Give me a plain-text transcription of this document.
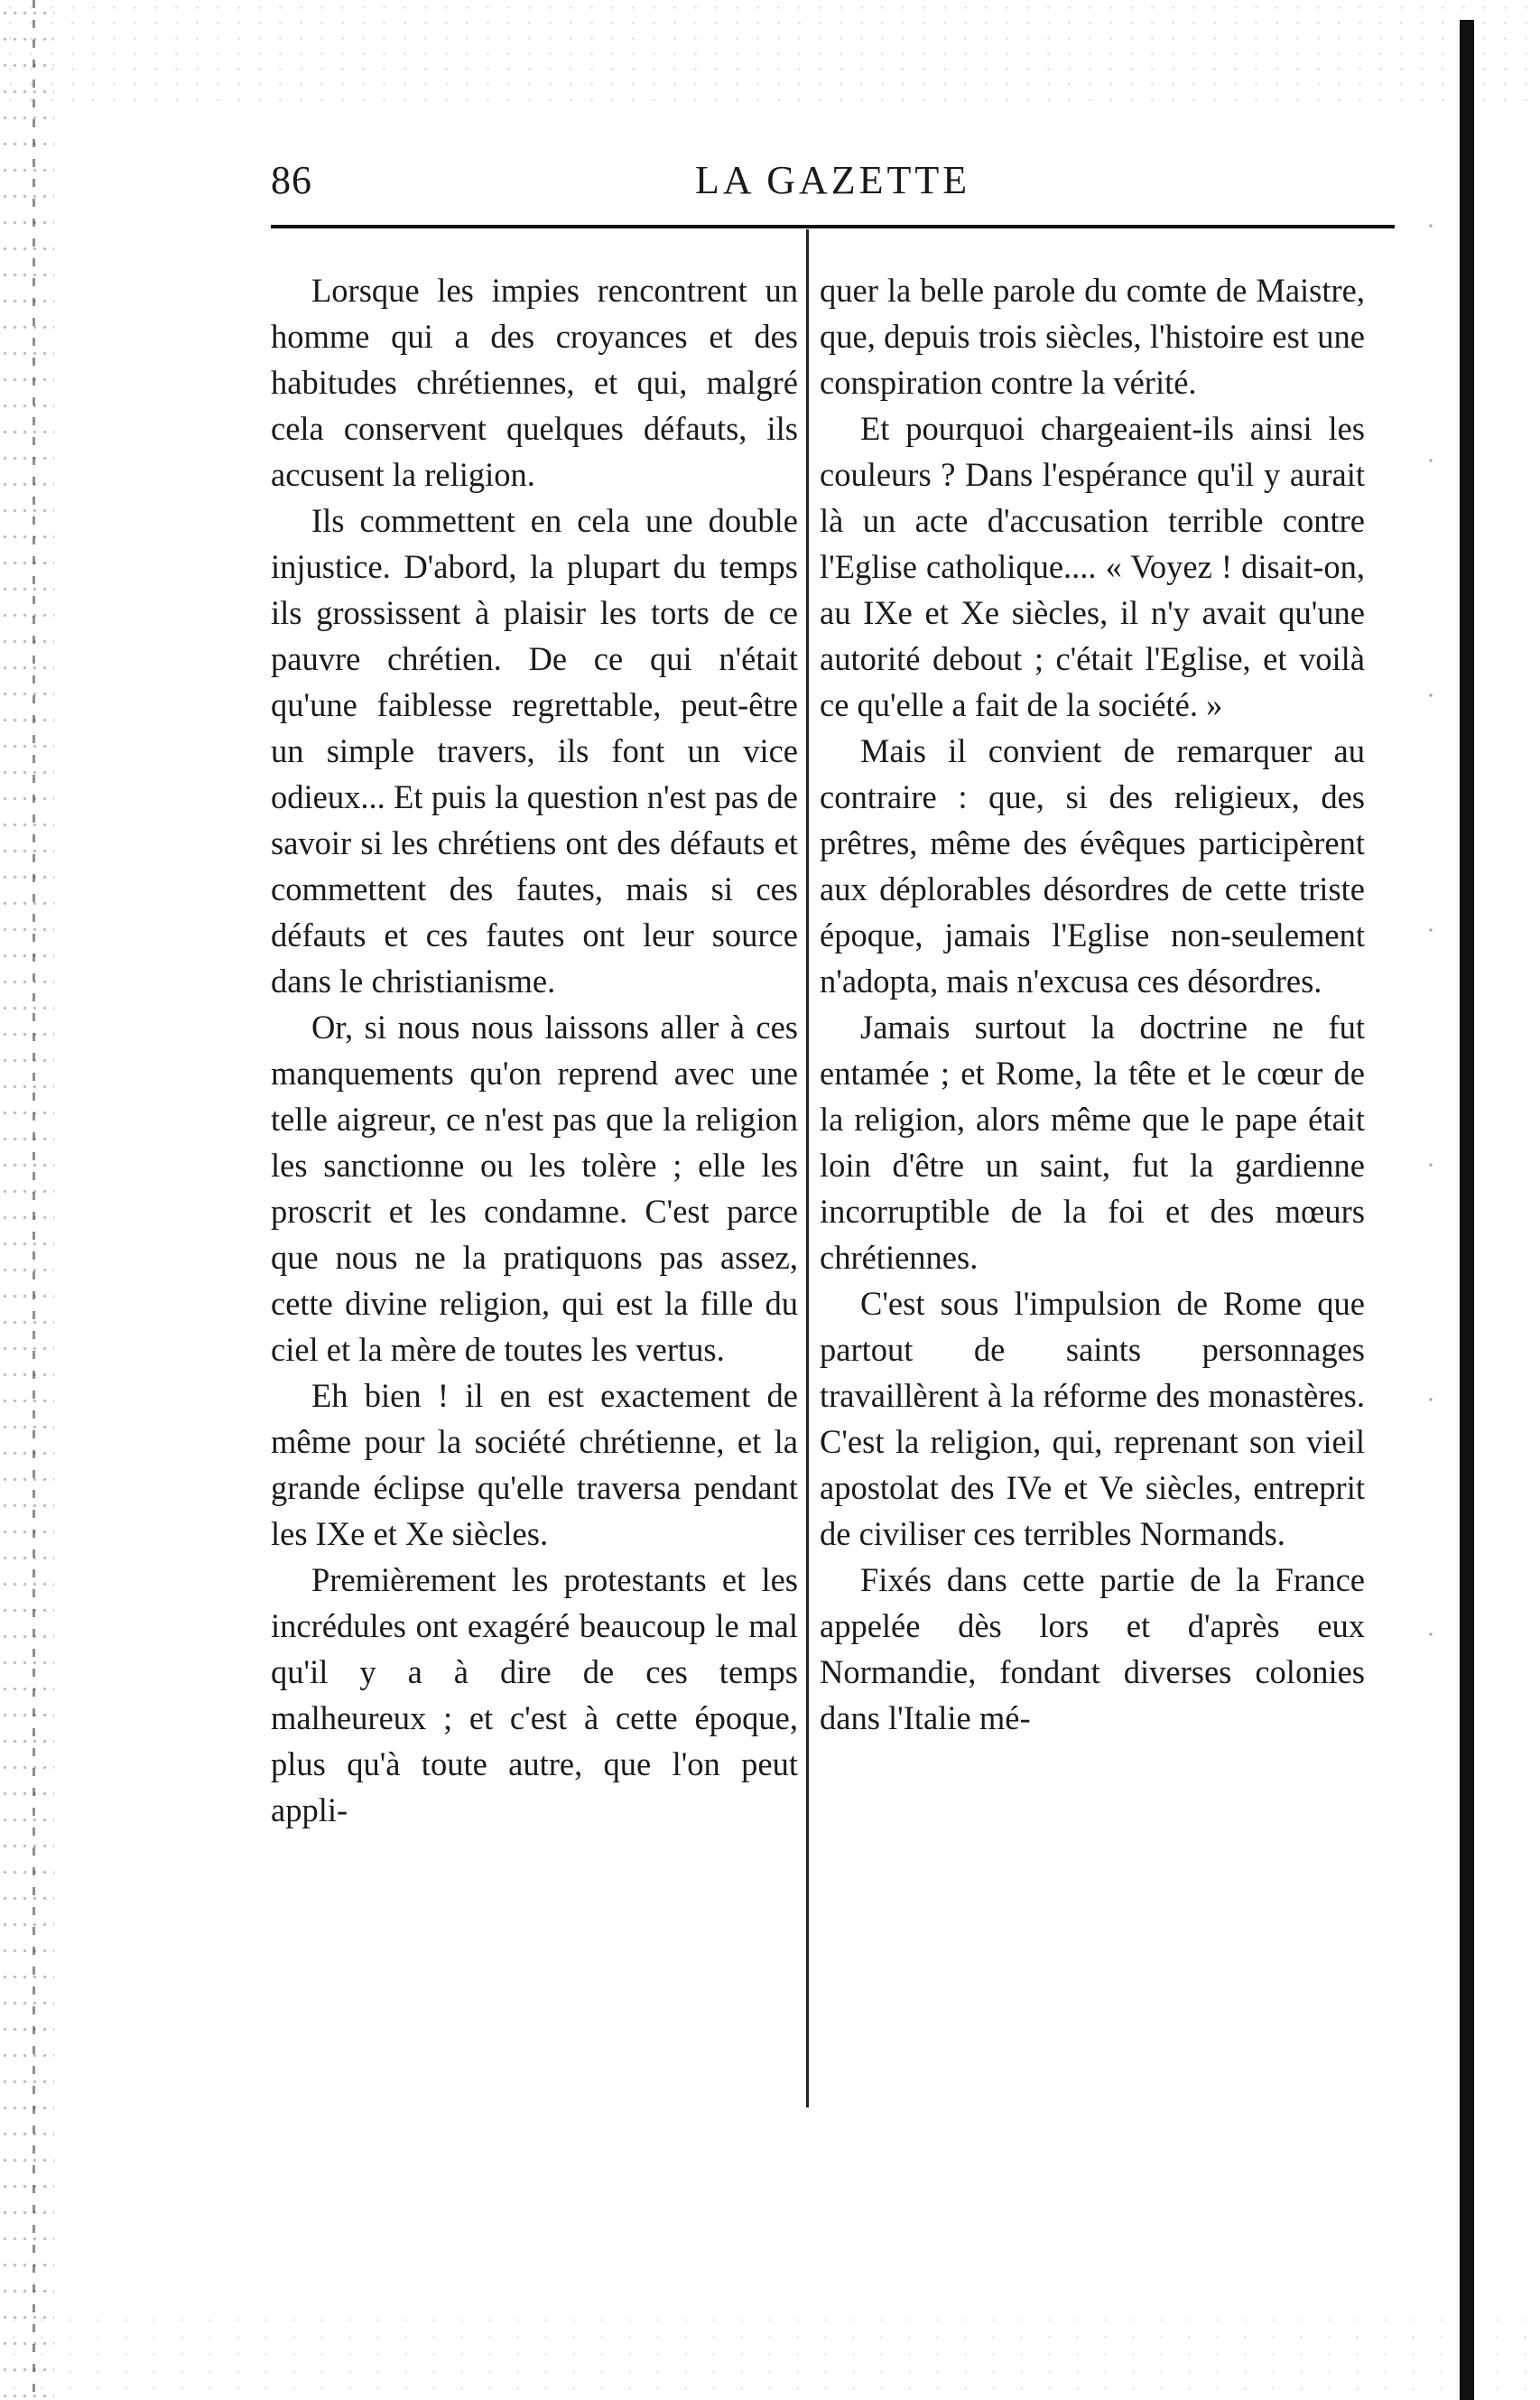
86	LA GAZETTE

Lorsque les impies rencontrent un homme qui a des croyances et des habitudes chrétiennes, et qui, malgré cela conservent quelques défauts, ils accusent la religion.

Ils commettent en cela une double injustice. D'abord, la plupart du temps ils grossissent à plaisir les torts de ce pauvre chrétien. De ce qui n'était qu'une faiblesse regrettable, peut-être un simple travers, ils font un vice odieux... Et puis la question n'est pas de savoir si les chrétiens ont des défauts et commettent des fautes, mais si ces défauts et ces fautes ont leur source dans le christianisme.

Or, si nous nous laissons aller à ces manquements qu'on reprend avec une telle aigreur, ce n'est pas que la religion les sanctionne ou les tolère ; elle les proscrit et les condamne. C'est parce que nous ne la pratiquons pas assez, cette divine religion, qui est la fille du ciel et la mère de toutes les vertus.

Eh bien ! il en est exactement de même pour la société chrétienne, et la grande éclipse qu'elle traversa pendant les IXe et Xe siècles.

Premièrement les protestants et les incrédules ont exagéré beaucoup le mal qu'il y a à dire de ces temps malheureux ; et c'est à cette époque, plus qu'à toute autre, que l'on peut appli-

quer la belle parole du comte de Maistre, que, depuis trois siècles, l'histoire est une conspiration contre la vérité.

Et pourquoi chargeaient-ils ainsi les couleurs ? Dans l'espérance qu'il y aurait là un acte d'accusation terrible contre l'Eglise catholique.... « Voyez ! disait-on, au IXe et Xe siècles, il n'y avait qu'une autorité debout ; c'était l'Eglise, et voilà ce qu'elle a fait de la société. »

Mais il convient de remarquer au contraire : que, si des religieux, des prêtres, même des évêques participèrent aux déplorables désordres de cette triste époque, jamais l'Eglise non-seulement n'adopta, mais n'excusa ces désordres.

Jamais surtout la doctrine ne fut entamée ; et Rome, la tête et le cœur de la religion, alors même que le pape était loin d'être un saint, fut la gardienne incorruptible de la foi et des mœurs chrétiennes.

C'est sous l'impulsion de Rome que partout de saints personnages travaillèrent à la réforme des monastères. C'est la religion, qui, reprenant son vieil apostolat des IVe et Ve siècles, entreprit de civiliser ces terribles Normands.

Fixés dans cette partie de la France appelée dès lors et d'après eux Normandie, fondant diverses colonies dans l'Italie mé-
